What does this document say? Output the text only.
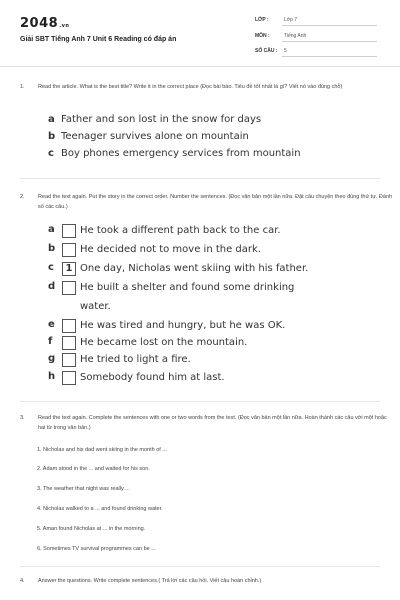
2048.vn
Giải SBT Tiếng Anh 7 Unit 6 Reading có đáp án
LỚP :	Lớp 7
MÔN :	Tiếng Anh
SỐ CÂU : 5
1.	Read the article. What is the best title? Write it in the correct place (Đọc bài báo. Tiêu đề tốt nhất là gì? Viết nó vào đúng chỗ)
a Father and son lost in the snow for days
b Teenager survives alone on mountain
c Boy phones emergency services from mountain
2.	Read the text again. Put the story in the correct order. Number the sentences. (Đọc văn bản một lần nữa. Đặt câu chuyện theo đúng thứ tự. Đánh số các câu.)
a	He took a different path back to the car.
b	He decided not to move in the dark.
c	1 One day, Nicholas went skiing with his father.
d	He built a shelter and found some drinking
water.
e	He was tired and hungry, but he was OK.
f	He became lost on the mountain.
g	He tried to light a fire.
h	Somebody found him at last.
3.	Read the text again. Complete the sentences with one or two words from the text. (Đọc văn bản một lần nữa. Hoàn thành các câu với một hoặc hai từ trong văn bản.)
1. Nicholas and his dad went skiing in the month of ...
2. Adam stood in the ... and waited for his son.
3. The weather that night was really ...
4. Nicholas walked to a ... and found drinking water.
5. Aman found Nicholas at ... in the morning.
6. Sometimes TV survival programmes can be ...
4.	Answer the questions. Write complete sentences.( Trả lời các câu hỏi. Viết câu hoàn chỉnh.)
